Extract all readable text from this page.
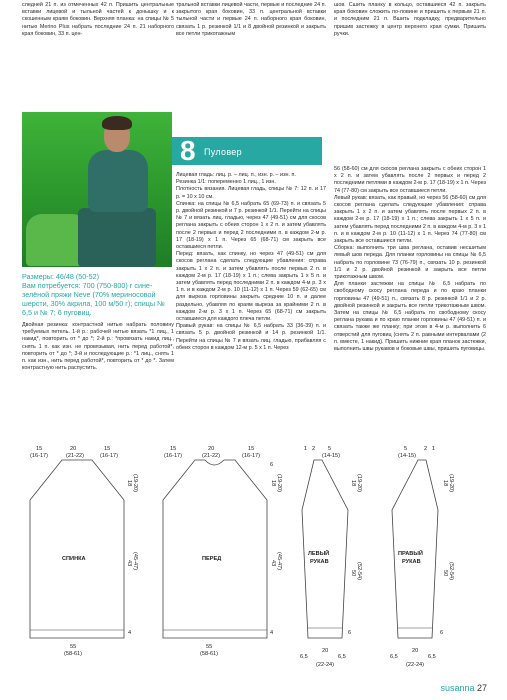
следней 21 п. из отмеченных 42 п. Пришить центральные вставки лицевой и тыльной частей к донышку и к скошенным краям боковин. Верхняя планка: на спицы № 5 нитью Merino Plus набрать последние 24 п. 21 наборного края боковин, 33 п. цен-

тральной вставки лицевой части, первые и последние 24 п. закрытого края боковин, 33 п. центральной вставки тыльной части и первые 24 п. наборного края боковин, связать 1 р. резинкой 1/1 и 8 двойной резинкой и закрыть все петли трикотажным

шов. Сшить планку в кольцо, оставшиеся 42 п. закрыть края боковин сложить по-ловине и пришить к первым 21 п. и последним 21 п. Вшить подкладку, предварительно пришив застежку в центр верхнего края сумки. Пришить ручки.

8 Пуловер

Размеры: 46/48 (50-52)

Вам потребуется: 700 (750-800) г сине-зелёной пряжи Neve (70% мериносовой шерсти, 30% акрила, 100 м/50 г); спицы № 6,5 и № 7; 6 пуговиц.

Двойная резинка: контрастной нитью набрать половину требуемых петель. 1-й р.: рабочей нитью вязать *1 лиц., 1 накид*, повторить от * до *; 2-й р.: *провязать накид лиц., снять 1 п. как изн. не провязывая, нить перед работой*, повторить от * до *; 3-й и последующие р.: *1 лиц., снять 1 п. как изн., нить перед работой*, повторить от * до *. Затем контрастную нить распустить.

Лицевая гладь: лиц. р. – лиц. п., изн. р. – изн. п.

Резинка 1/1: попеременно 1 лиц., 1 изн.

Плотность вязания. Лицевая гладь, спицы № 7: 12 п. и 17 р. = 10 х 10 см.

Спинка: на спицы № 6,5 набрать 65 (69-73) п. и связать 5 р. двойной резинкой и 7 р. резинкой 1/1. Перейти на спицы № 7 и вязать лиц. гладью, через 47 (49-51) см для скосов реглана закрыть с обеих сторон 1 х 2 п. и затем убавлять после 2 первых и перед 2 последними п. в каждом 2-м р. 17 (18-19) х 1 п. Через 65 (68-71) см закрыть все оставшиеся петли.

Перед: вязать, как спинку, но через 47 (49-51) см для скосов реглана сделать следующие убавления: справа закрыть 1 х 2 п. и затем убавлять после первых 2 п. в каждом 2-м р. 17 (18-19) х 1 п.; слева закрыть 1 х 5 п. и затем убавлять перед последними 2 п. в каждом 4-м р. 3 х 1 п. и в каждом 2-м р. 10 (11-12) х 1 п. Через 59 (62-65) см для выреза горловины закрыть средние 10 п. и далее раздельно, убавляя по краям выреза за крайними 2 п. в каждом 2-м р. 3 х 1 п. Через 65 (68-71) см закрыть оставшиеся для каждого плеча петли.

Правый рукав: на спицы № 6,5 набрать 33 (36-39) п. и связать 5 р. двойной резинкой и 14 р. резинкой 1/1. Перейти на спицы № 7 и вязать лиц. гладью, прибавляя с обеих сторон в каждом 12-м р. 5 х 1 п. Через

56 (58-60) см для скосов реглана закрыть с обеих сторон 1 х 2 п. и затем убавлять после 2 первых и перед 2 последними петлями в каждом 2-м р. 17 (18-19) х 1 п. Через 74 (77-80) см закрыть все оставшиеся петли.

Левый рукав: вязать, как правый, но через 56 (58-60) см для скосов реглана сделать следующие убавления: справа закрыть 1 х 2 п. и затем убавлять после первых 2 п. в каждом 2-м р. 17 (18-19) х 1 п.; слева закрыть 1 х 5 п. и затем убавлять перед последними 2 п. в каждом 4-м р. 3 х 1 п. и в каждом 2-м р. 10 (11-12) х 1 п. Через 74 (77-80) см закрыть все оставшиеся петли.

Сборка: выполнить три шва реглана, оставив несшитым левый шов переда. Для планки горловины на спицы № 6,5 набрать по горловине 73 (76-79) п., связать 10 р. резинкой 1/1 и 2 р. двойной резинкой и закрыть все петли трикотажным швом.

Для планки застежки на спицы № 6,5 набрать по свободному скосу реглана переда и по краю планки горловины 47 (49-51) п., связать 8 р. резинкой 1/1 и 2 р. двойной резинкой и закрыть все петли трикотажным швом. Затем на спицы № 6,5 набрать по свободному скосу реглана рукава и по краю планки горловины 47 (49-51) п. и связать также же планку; при этом в 4-м р. выполнить 6 отверстий для пуговиц (снять 2 п. равными интервалами (2 п. вместе, 1 накид). Пришить нижние края планок застежки, выполнить швы рукавов и боковые швы, пришить пуговицы.

СПИНКА
15
(16-17)
20
(21-22)
15
(16-17)
18 (19-20)
43 (45-47)
4
55
(58-61)
ПЕРЕД
15
(16-17)
20
(21-22)
15
(16-17)
6
18 (19-20)
43 (45-47)
4
55
(58-61)
ЛЕВЫЙ
РУКАВ
1 2 5
(14-15)
18 (19-20)
50 (52-54)
6
6,5
20
(22-24)
6,5
ПРАВЫЙ
РУКАВ
5
(14-15)
2 1
18 (19-20)
50 (52-54)
6
6,5
20
(22-24)
6,5
susanna 27
